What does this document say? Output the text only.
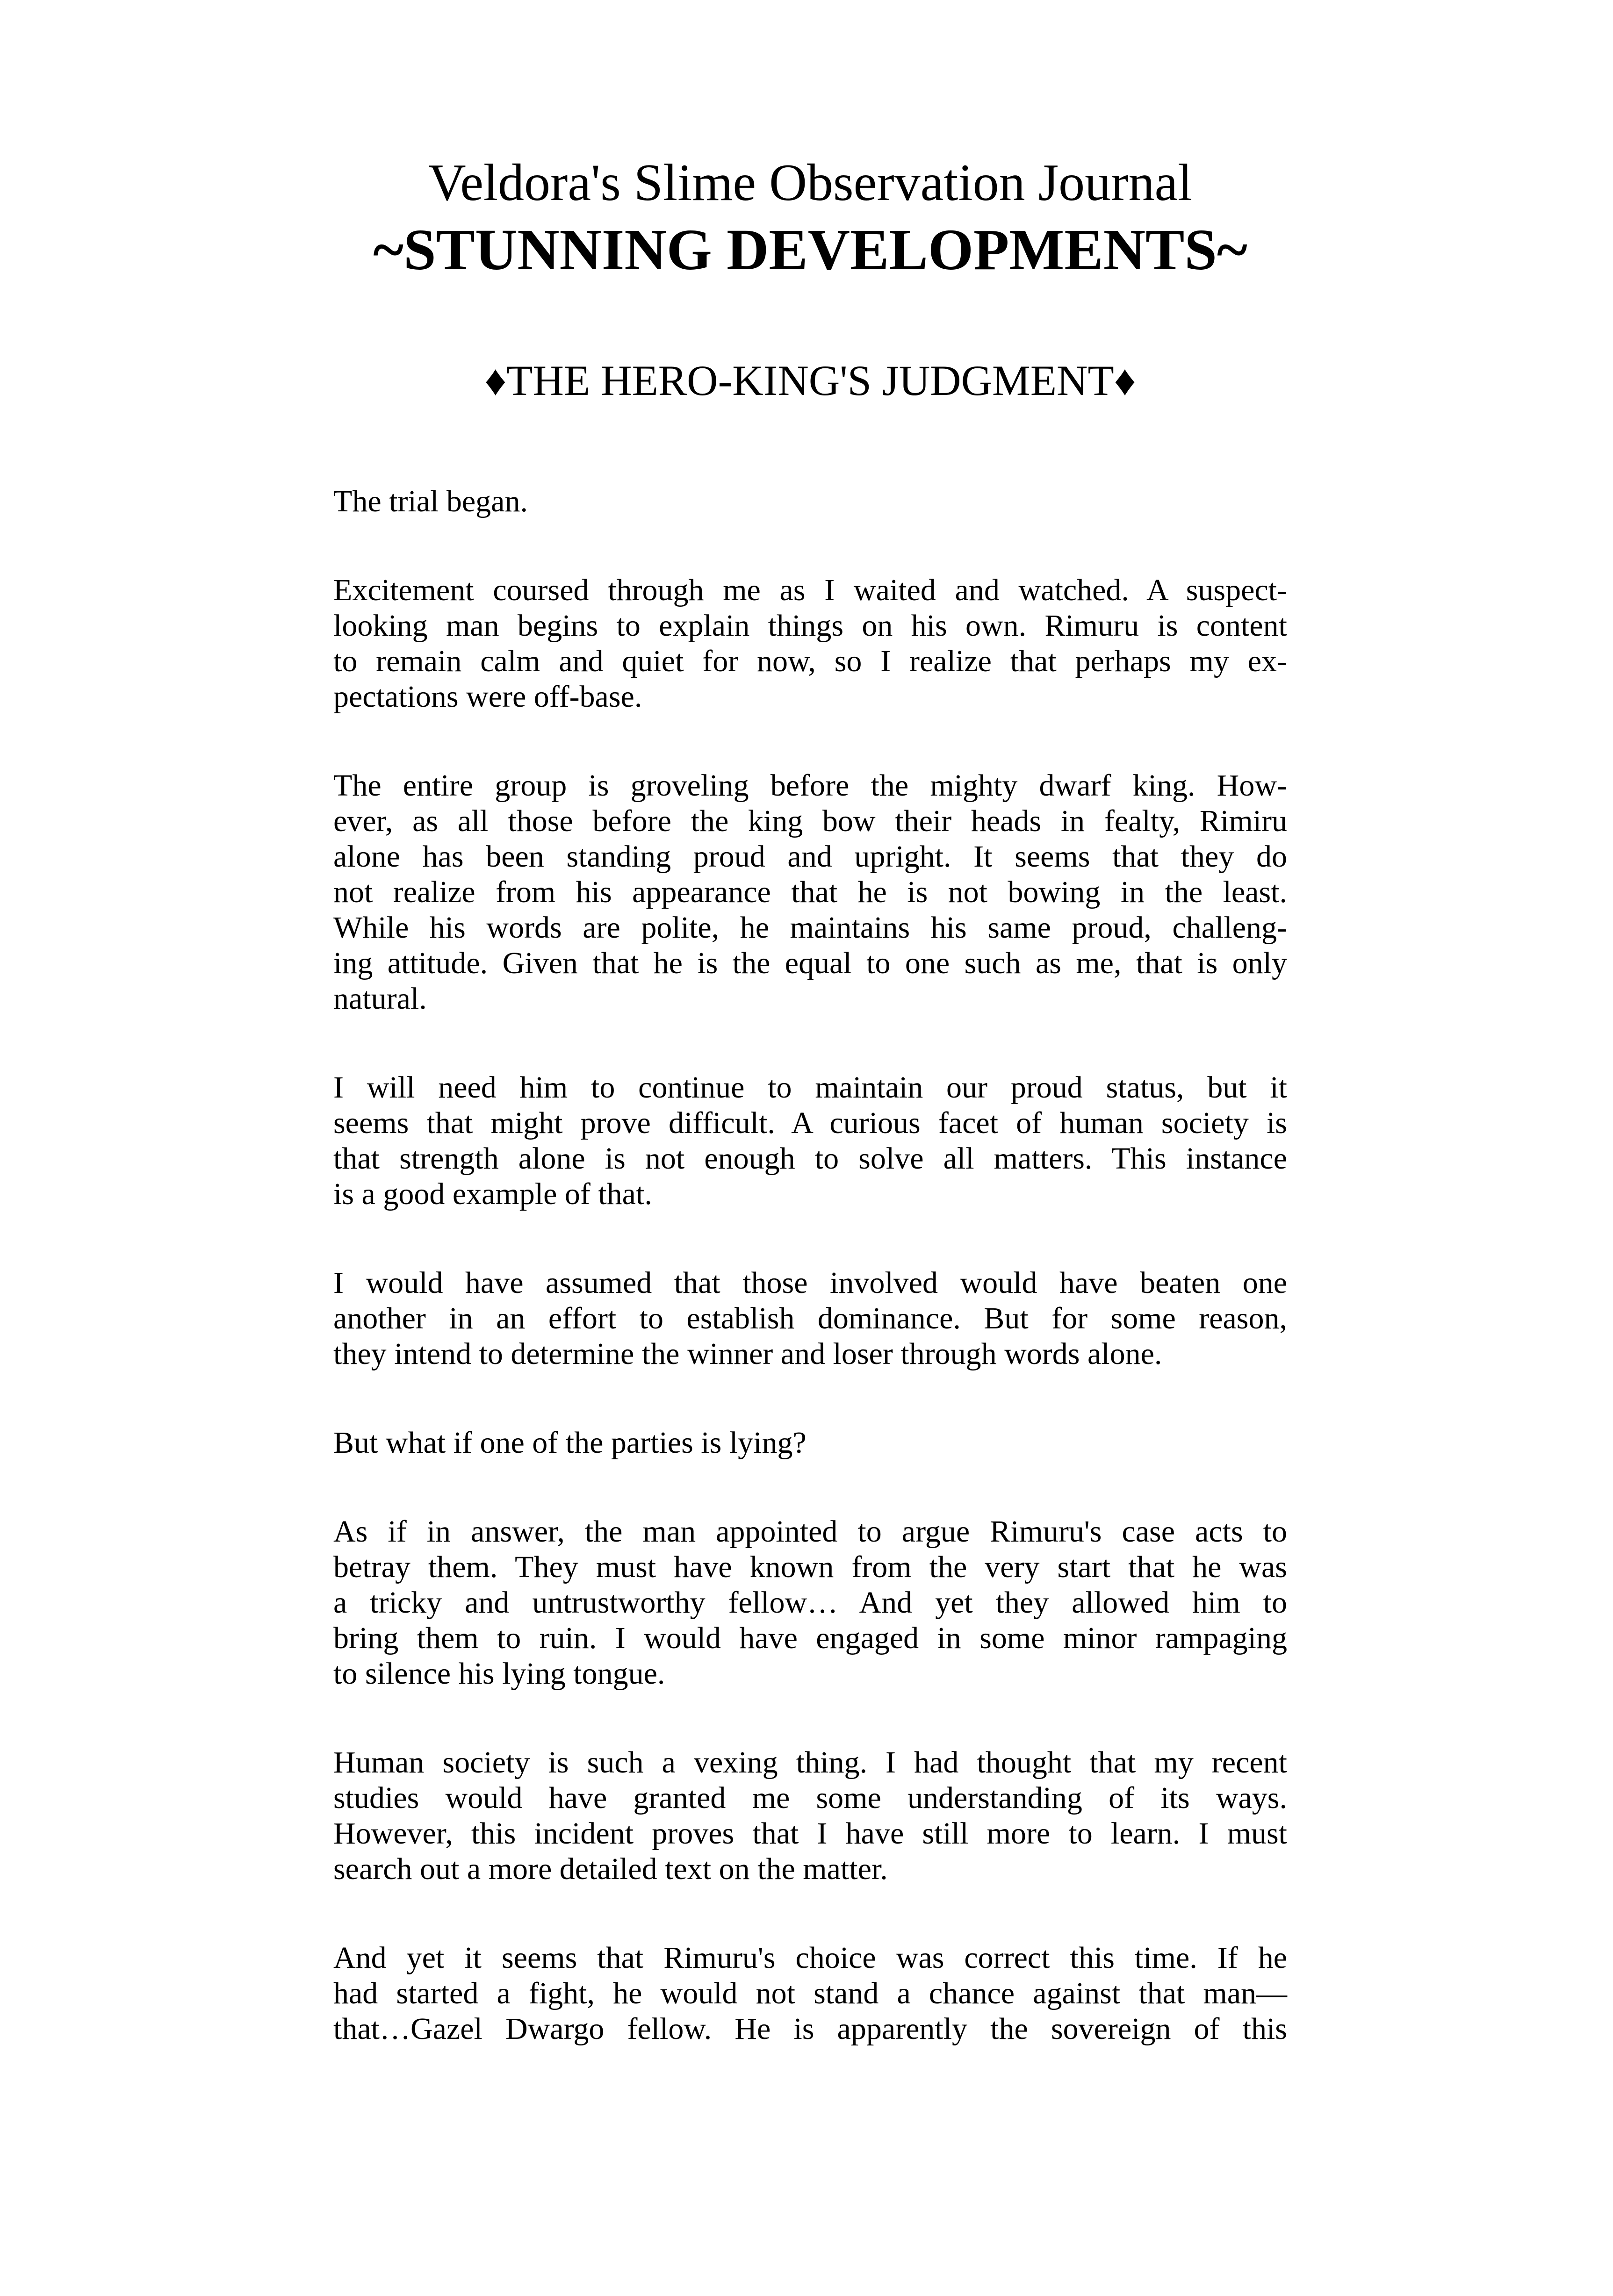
Veldora's Slime Observation Journal
~STUNNING DEVELOPMENTS~
♦THE HERO-KING'S JUDGMENT♦
The trial began.
Excitement coursed through me as I waited and watched. A suspect-
looking man begins to explain things on his own. Rimuru is content
to remain calm and quiet for now, so I realize that perhaps my ex-
pectations were off-base.
The entire group is groveling before the mighty dwarf king. How-
ever, as all those before the king bow their heads in fealty, Rimiru
alone has been standing proud and upright. It seems that they do
not realize from his appearance that he is not bowing in the least.
While his words are polite, he maintains his same proud, challeng-
ing attitude. Given that he is the equal to one such as me, that is only
natural.
I will need him to continue to maintain our proud status, but it
seems that might prove difficult. A curious facet of human society is
that strength alone is not enough to solve all matters. This instance
is a good example of that.
I would have assumed that those involved would have beaten one
another in an effort to establish dominance. But for some reason,
they intend to determine the winner and loser through words alone.
But what if one of the parties is lying?
As if in answer, the man appointed to argue Rimuru's case acts to
betray them. They must have known from the very start that he was
a tricky and untrustworthy fellow… And yet they allowed him to
bring them to ruin. I would have engaged in some minor rampaging
to silence his lying tongue.
Human society is such a vexing thing. I had thought that my recent
studies would have granted me some understanding of its ways.
However, this incident proves that I have still more to learn. I must
search out a more detailed text on the matter.
And yet it seems that Rimuru's choice was correct this time. If he
had started a fight, he would not stand a chance against that man—
that…Gazel Dwargo fellow. He is apparently the sovereign of this
